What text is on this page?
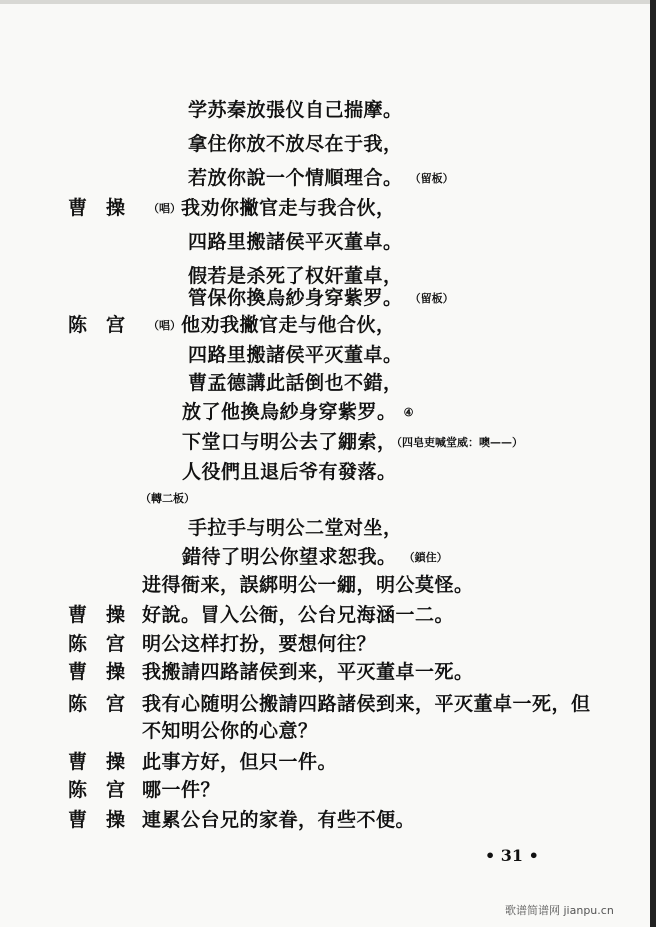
学苏秦放張仪自己揣摩。
拿住你放不放尽在于我，
若放你說一个情順理合。 （留板）
曹　操 （唱）我劝你撇官走与我合伙，
四路里搬諸侯平灭董卓。
假若是杀死了权奸董卓，
管保你換烏紗身穿紫罗。 （留板）
陈　宫 （唱）他劝我撇官走与他合伙，
四路里搬諸侯平灭董卓。
曹孟德講此話倒也不錯，
放了他換烏紗身穿紫罗。 ④
下堂口与明公去了綳索，（四皂吏喊堂威：噢——）
人役們且退后爷有發落。
（轉二板）
手拉手与明公二堂对坐，
錯待了明公你望求恕我。 （鎖住）
进得衙来，誤綁明公一綳，明公莫怪。
曹　操 好說。冒入公衙，公台兄海涵一二。
陈　宫 明公这样打扮，要想何往？
曹　操 我搬請四路諸侯到来，平灭董卓一死。
陈　宫 我有心随明公搬請四路諸侯到来，平灭董卓一死，但
不知明公你的心意？
曹　操 此事方好，但只一件。
陈　宫 哪一件？
曹　操 連累公台兄的家眷，有些不便。
• 31 •
歌谱简谱网 jianpu.cn
